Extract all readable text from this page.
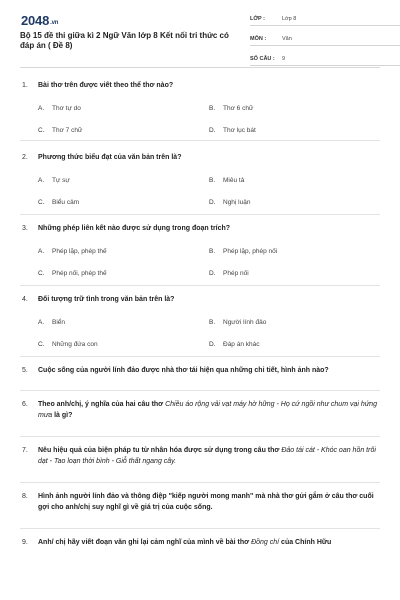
2048.vn
Bộ 15 đề thi giữa kì 2 Ngữ Văn lớp 8 Kết nối tri thức có đáp án ( Đề 8)
LỚP :	Lớp 8
MÔN :	Văn
SỐ CÂU :	9
1.	Bài thơ trên được viết theo thể thơ nào?
A.	Thơ tự do	B.	Thơ 6 chữ
C.	Thơ 7 chữ	D.	Thơ lục bát
2.	Phương thức biểu đạt của văn bản trên là?
A.	Tự sự	B.	Miêu tả
C.	Biểu cảm	D.	Nghị luận
3.	Những phép liên kết nào được sử dụng trong đoạn trích?
A.	Phép lặp, phép thế	B.	Phép lặp, phép nối
C.	Phép nối, phép thế	D.	Phép nối
4.	Đối tượng trữ tình trong văn bản trên là?
A.	Biển	B.	Người lính đảo
C.	Những đứa con	D.	Đáp án khác
5.	Cuộc sống của người lính đảo được nhà thơ tái hiện qua những chi tiết, hình ảnh nào?
6.	Theo anh/chị, ý nghĩa của hai câu thơ Chiều áo rộng vải vạt máy hờ hững - Họ cứ ngồi như chum vại hứng mưa là gì?
7.	Nêu hiệu quả của biện pháp tu từ nhân hóa được sử dụng trong câu thơ Đảo tái cát - Khóc oan hồn trôi dạt - Tao loạn thời bình - Giỗ thất ngang cây.
8.	Hình ảnh người lính đảo và thông điệp "kiếp người mong manh" mà nhà thơ gửi gắm ở câu thơ cuối gợi cho anh/chị suy nghĩ gì về giá trị của cuộc sống.
9.	Anh/ chị hãy viết đoạn văn ghi lại cảm nghĩ của mình về bài thơ Đồng chí của Chính Hữu
